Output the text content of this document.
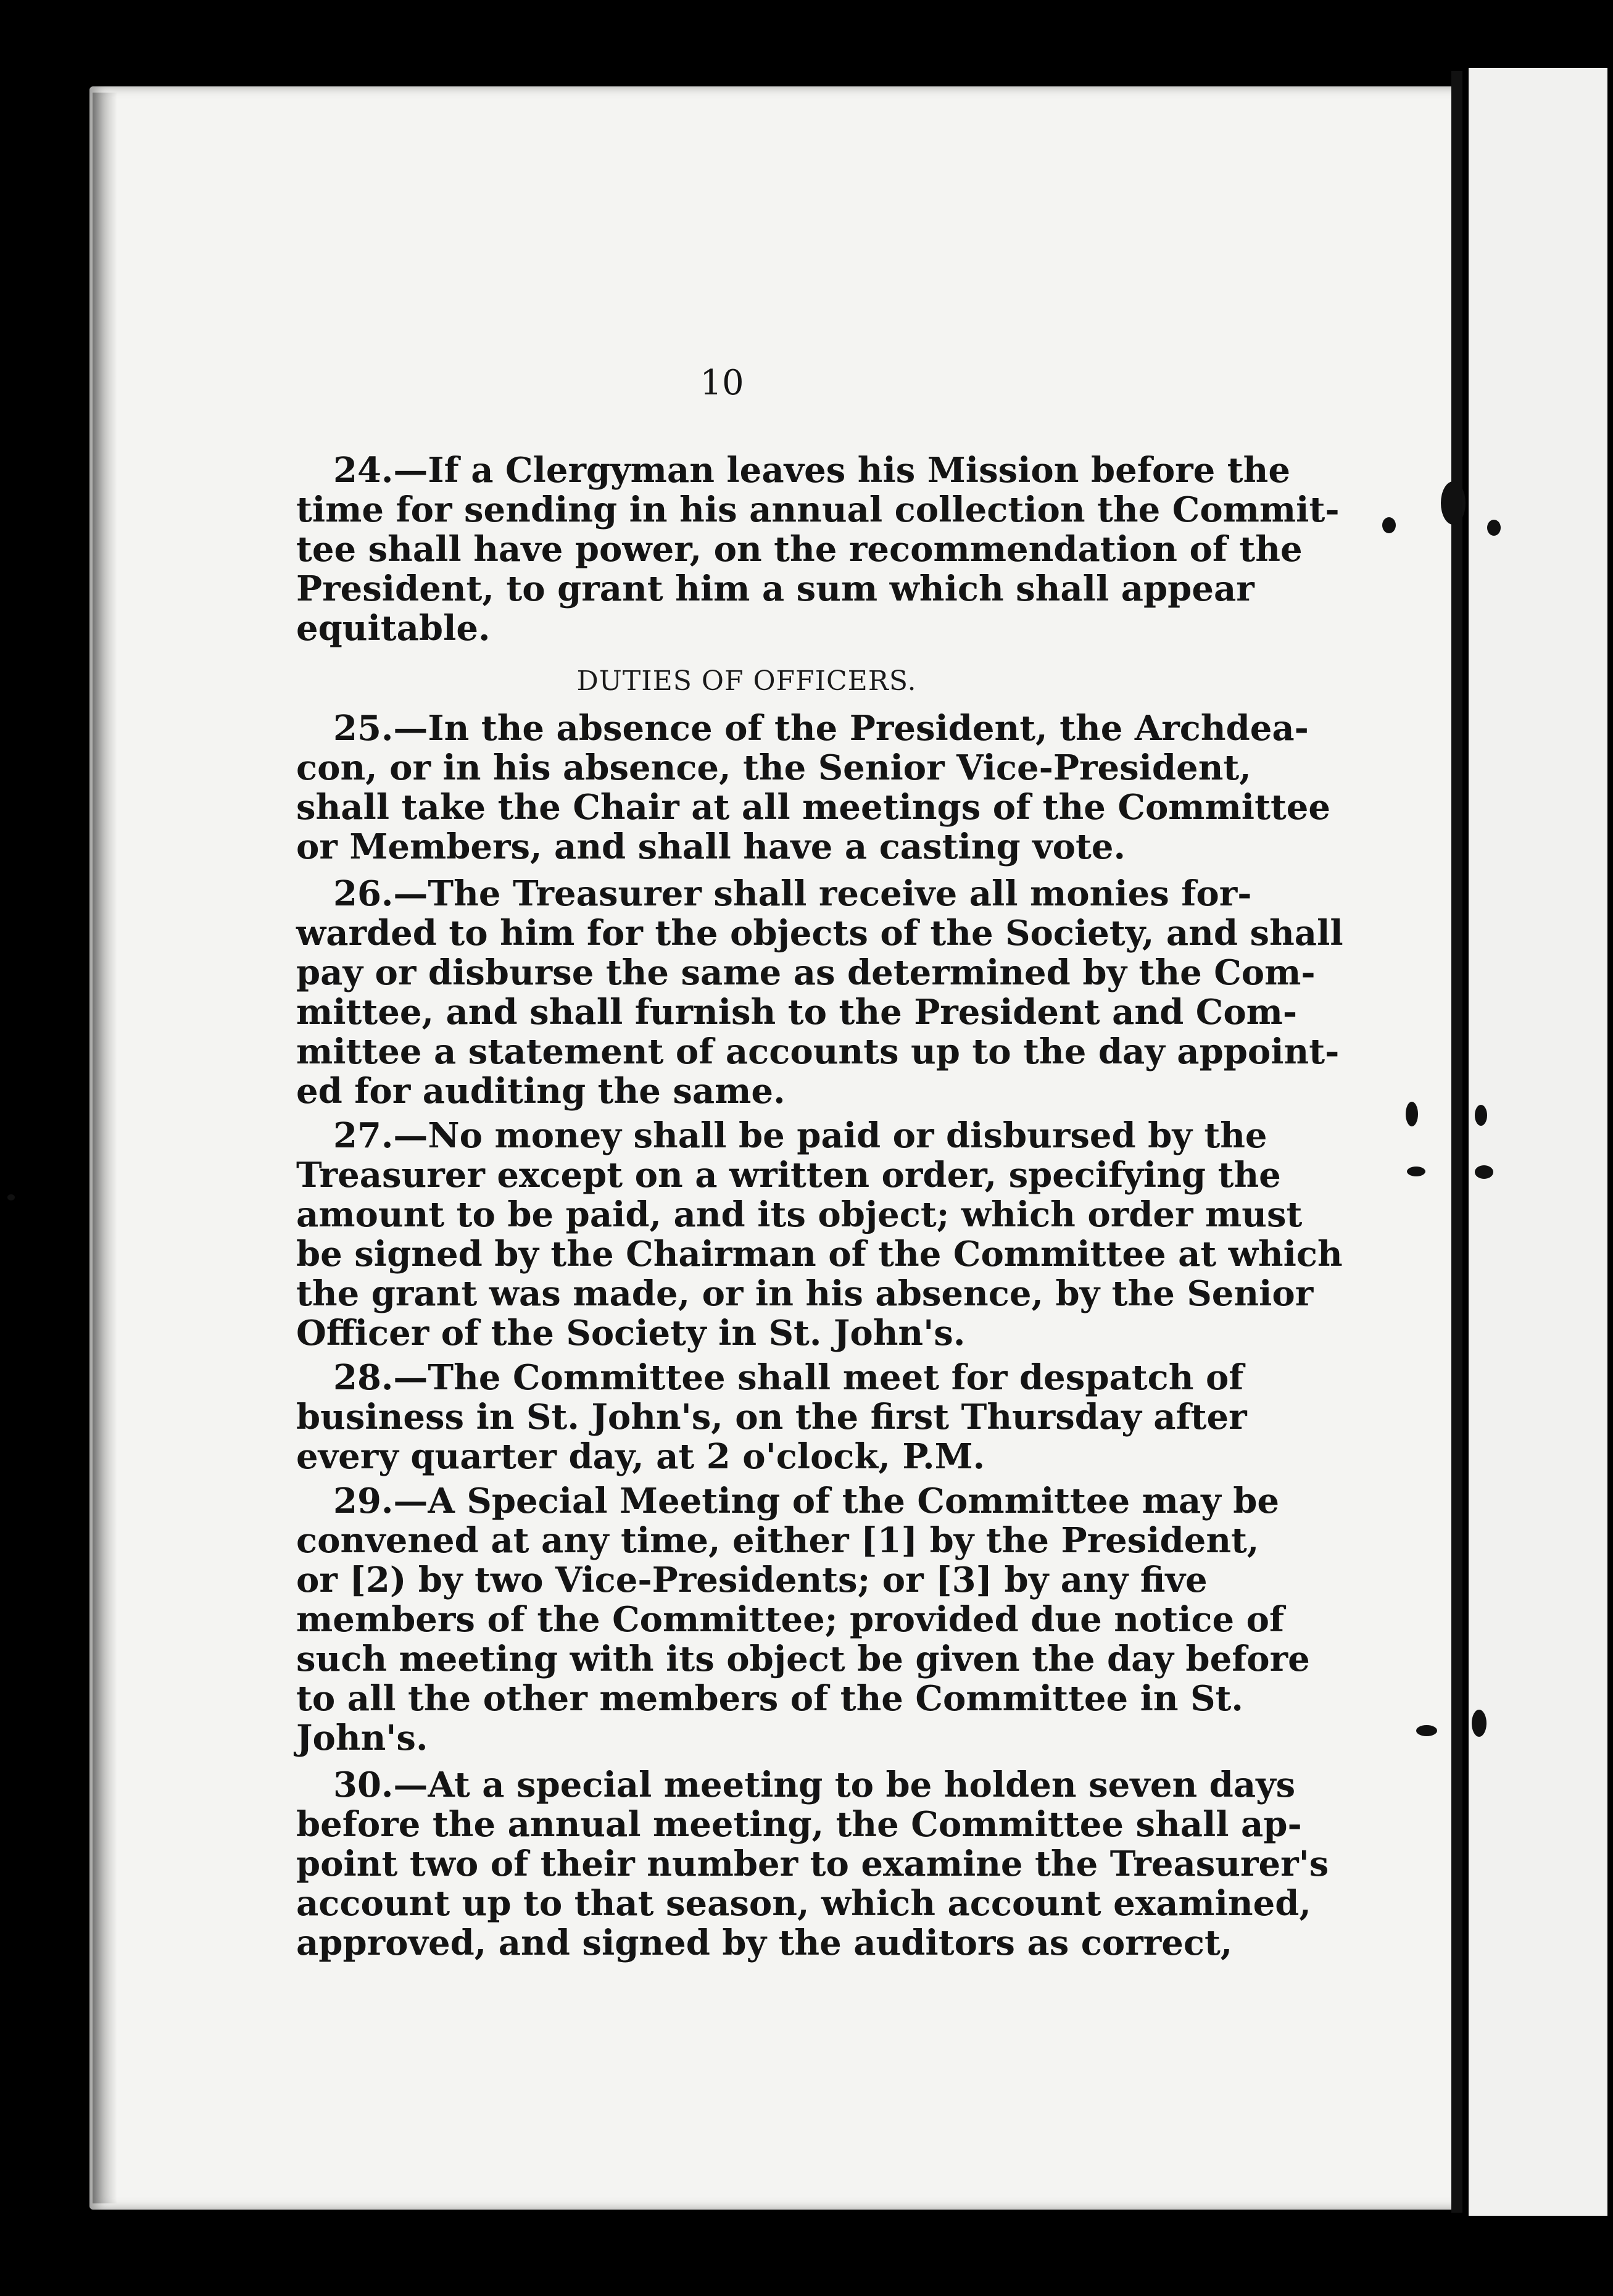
10
24.—If a Clergyman leaves his Mission before the
time for sending in his annual collection the Commit-
tee shall have power, on the recommendation of the
President, to grant him a sum which shall appear
equitable.
DUTIES OF OFFICERS.
25.—In the absence of the President, the Archdea-
con, or in his absence, the Senior Vice-President,
shall take the Chair at all meetings of the Committee
or Members, and shall have a casting vote.
26.—The Treasurer shall receive all monies for-
warded to him for the objects of the Society, and shall
pay or disburse the same as determined by the Com-
mittee, and shall furnish to the President and Com-
mittee a statement of accounts up to the day appoint-
ed for auditing the same.
27.—No money shall be paid or disbursed by the
Treasurer except on a written order, specifying the
amount to be paid, and its object; which order must
be signed by the Chairman of the Committee at which
the grant was made, or in his absence, by the Senior
Officer of the Society in St. John's.
28.—The Committee shall meet for despatch of
business in St. John's, on the first Thursday after
every quarter day, at 2 o'clock, P.M.
29.—A Special Meeting of the Committee may be
convened at any time, either [1] by the President,
or [2) by two Vice-Presidents; or [3] by any five
members of the Committee; provided due notice of
such meeting with its object be given the day before
to all the other members of the Committee in St.
John's.
30.—At a special meeting to be holden seven days
before the annual meeting, the Committee shall ap-
point two of their number to examine the Treasurer's
account up to that season, which account examined,
approved, and signed by the auditors as correct,
